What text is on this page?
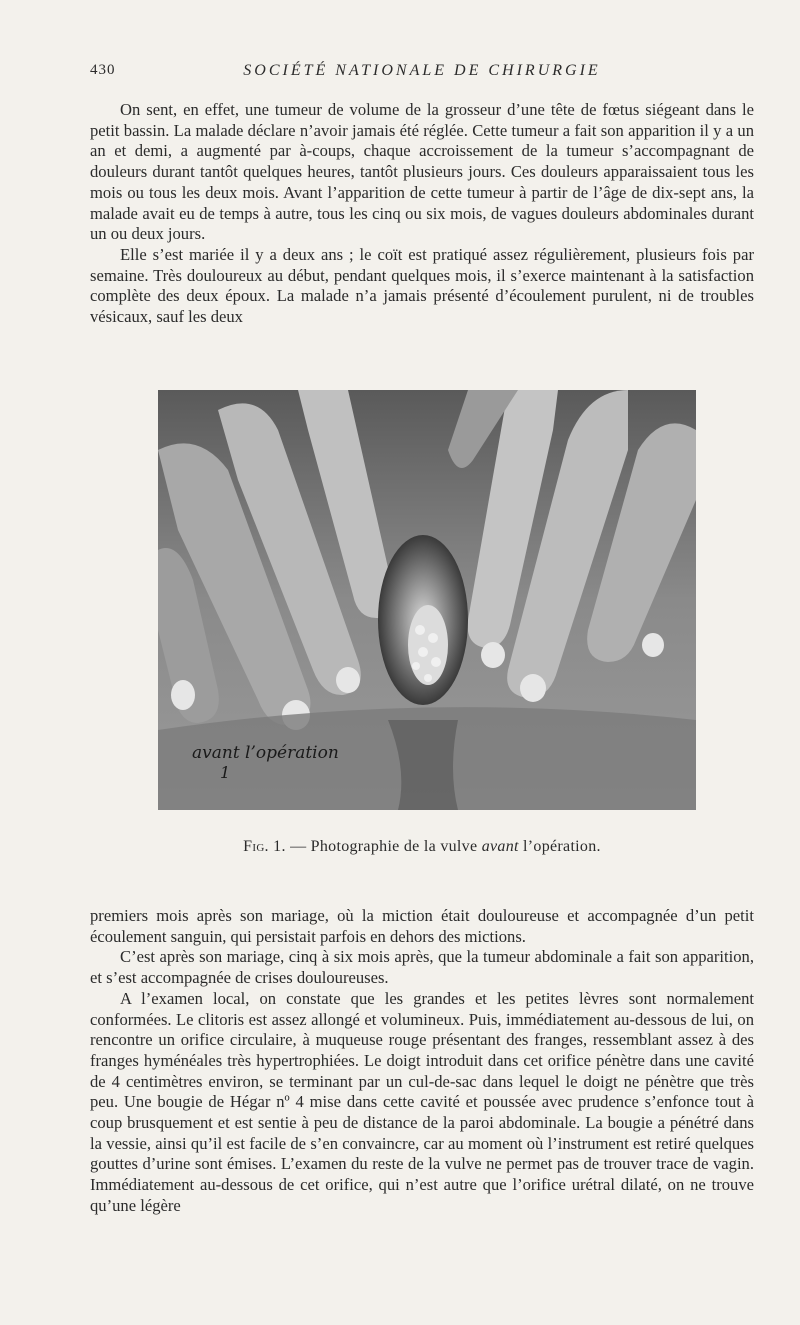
430	SOCIÉTÉ NATIONALE DE CHIRURGIE

On sent, en effet, une tumeur de volume de la grosseur d’une tête de fœtus siégeant dans le petit bassin. La malade déclare n’avoir jamais été réglée. Cette tumeur a fait son apparition il y a un an et demi, a augmenté par à-coups, chaque accroissement de la tumeur s’accompagnant de douleurs durant tantôt quelques heures, tantôt plusieurs jours. Ces douleurs apparaissaient tous les mois ou tous les deux mois. Avant l’apparition de cette tumeur à partir de l’âge de dix-sept ans, la malade avait eu de temps à autre, tous les cinq ou six mois, de vagues douleurs abdominales durant un ou deux jours.

Elle s’est mariée il y a deux ans ; le coït est pratiqué assez régulièrement, plusieurs fois par semaine. Très douloureux au début, pendant quelques mois, il s’exerce maintenant à la satisfaction complète des deux époux. La malade n’a jamais présenté d’écoulement purulent, ni de troubles vésicaux, sauf les deux

avant l’opération
1
Fig. 1. — Photographie de la vulve avant l’opération.

premiers mois après son mariage, où la miction était douloureuse et accompagnée d’un petit écoulement sanguin, qui persistait parfois en dehors des mictions.

C’est après son mariage, cinq à six mois après, que la tumeur abdominale a fait son apparition, et s’est accompagnée de crises douloureuses.

A l’examen local, on constate que les grandes et les petites lèvres sont normalement conformées. Le clitoris est assez allongé et volumineux. Puis, immédiatement au-dessous de lui, on rencontre un orifice circulaire, à muqueuse rouge présentant des franges, ressemblant assez à des franges hyménéales très hypertrophiées. Le doigt introduit dans cet orifice pénètre dans une cavité de 4 centimètres environ, se terminant par un cul-de-sac dans lequel le doigt ne pénètre que très peu. Une bougie de Hégar nº 4 mise dans cette cavité et poussée avec prudence s’enfonce tout à coup brusquement et est sentie à peu de distance de la paroi abdominale. La bougie a pénétré dans la vessie, ainsi qu’il est facile de s’en convaincre, car au moment où l’instrument est retiré quelques gouttes d’urine sont émises. L’examen du reste de la vulve ne permet pas de trouver trace de vagin. Immédiatement au-dessous de cet orifice, qui n’est autre que l’orifice urétral dilaté, on ne trouve qu’une légère
